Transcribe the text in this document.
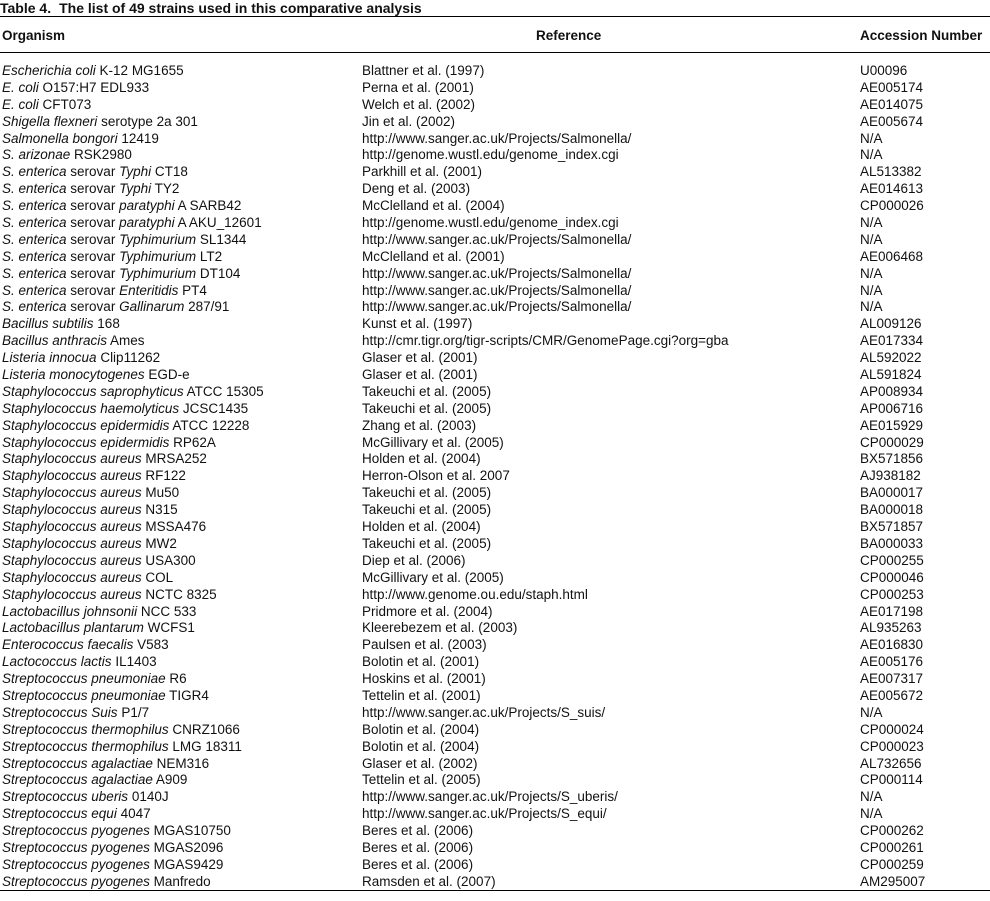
Table 4. The list of 49 strains used in this comparative analysis
Organism	Reference	Accession Number
Escherichia coli K-12 MG1655	Blattner et al. (1997)	U00096
E. coli O157:H7 EDL933	Perna et al. (2001)	AE005174
E. coli CFT073	Welch et al. (2002)	AE014075
Shigella flexneri serotype 2a 301	Jin et al. (2002)	AE005674
Salmonella bongori 12419	http://www.sanger.ac.uk/Projects/Salmonella/	N/A
S. arizonae RSK2980	http://genome.wustl.edu/genome_index.cgi	N/A
S. enterica serovar Typhi CT18	Parkhill et al. (2001)	AL513382
S. enterica serovar Typhi TY2	Deng et al. (2003)	AE014613
S. enterica serovar paratyphi A SARB42	McClelland et al. (2004)	CP000026
S. enterica serovar paratyphi A AKU_12601	http://genome.wustl.edu/genome_index.cgi	N/A
S. enterica serovar Typhimurium SL1344	http://www.sanger.ac.uk/Projects/Salmonella/	N/A
S. enterica serovar Typhimurium LT2	McClelland et al. (2001)	AE006468
S. enterica serovar Typhimurium DT104	http://www.sanger.ac.uk/Projects/Salmonella/	N/A
S. enterica serovar Enteritidis PT4	http://www.sanger.ac.uk/Projects/Salmonella/	N/A
S. enterica serovar Gallinarum 287/91	http://www.sanger.ac.uk/Projects/Salmonella/	N/A
Bacillus subtilis 168	Kunst et al. (1997)	AL009126
Bacillus anthracis Ames	http://cmr.tigr.org/tigr-scripts/CMR/GenomePage.cgi?org=gba	AE017334
Listeria innocua Clip11262	Glaser et al. (2001)	AL592022
Listeria monocytogenes EGD-e	Glaser et al. (2001)	AL591824
Staphylococcus saprophyticus ATCC 15305	Takeuchi et al. (2005)	AP008934
Staphylococcus haemolyticus JCSC1435	Takeuchi et al. (2005)	AP006716
Staphylococcus epidermidis ATCC 12228	Zhang et al. (2003)	AE015929
Staphylococcus epidermidis RP62A	McGillivary et al. (2005)	CP000029
Staphylococcus aureus MRSA252	Holden et al. (2004)	BX571856
Staphylococcus aureus RF122	Herron-Olson et al. 2007	AJ938182
Staphylococcus aureus Mu50	Takeuchi et al. (2005)	BA000017
Staphylococcus aureus N315	Takeuchi et al. (2005)	BA000018
Staphylococcus aureus MSSA476	Holden et al. (2004)	BX571857
Staphylococcus aureus MW2	Takeuchi et al. (2005)	BA000033
Staphylococcus aureus USA300	Diep et al. (2006)	CP000255
Staphylococcus aureus COL	McGillivary et al. (2005)	CP000046
Staphylococcus aureus NCTC 8325	http://www.genome.ou.edu/staph.html	CP000253
Lactobacillus johnsonii NCC 533	Pridmore et al. (2004)	AE017198
Lactobacillus plantarum WCFS1	Kleerebezem et al. (2003)	AL935263
Enterococcus faecalis V583	Paulsen et al. (2003)	AE016830
Lactococcus lactis IL1403	Bolotin et al. (2001)	AE005176
Streptococcus pneumoniae R6	Hoskins et al. (2001)	AE007317
Streptococcus pneumoniae TIGR4	Tettelin et al. (2001)	AE005672
Streptococcus Suis P1/7	http://www.sanger.ac.uk/Projects/S_suis/	N/A
Streptococcus thermophilus CNRZ1066	Bolotin et al. (2004)	CP000024
Streptococcus thermophilus LMG 18311	Bolotin et al. (2004)	CP000023
Streptococcus agalactiae NEM316	Glaser et al. (2002)	AL732656
Streptococcus agalactiae A909	Tettelin et al. (2005)	CP000114
Streptococcus uberis 0140J	http://www.sanger.ac.uk/Projects/S_uberis/	N/A
Streptococcus equi 4047	http://www.sanger.ac.uk/Projects/S_equi/	N/A
Streptococcus pyogenes MGAS10750	Beres et al. (2006)	CP000262
Streptococcus pyogenes MGAS2096	Beres et al. (2006)	CP000261
Streptococcus pyogenes MGAS9429	Beres et al. (2006)	CP000259
Streptococcus pyogenes Manfredo	Ramsden et al. (2007)	AM295007
